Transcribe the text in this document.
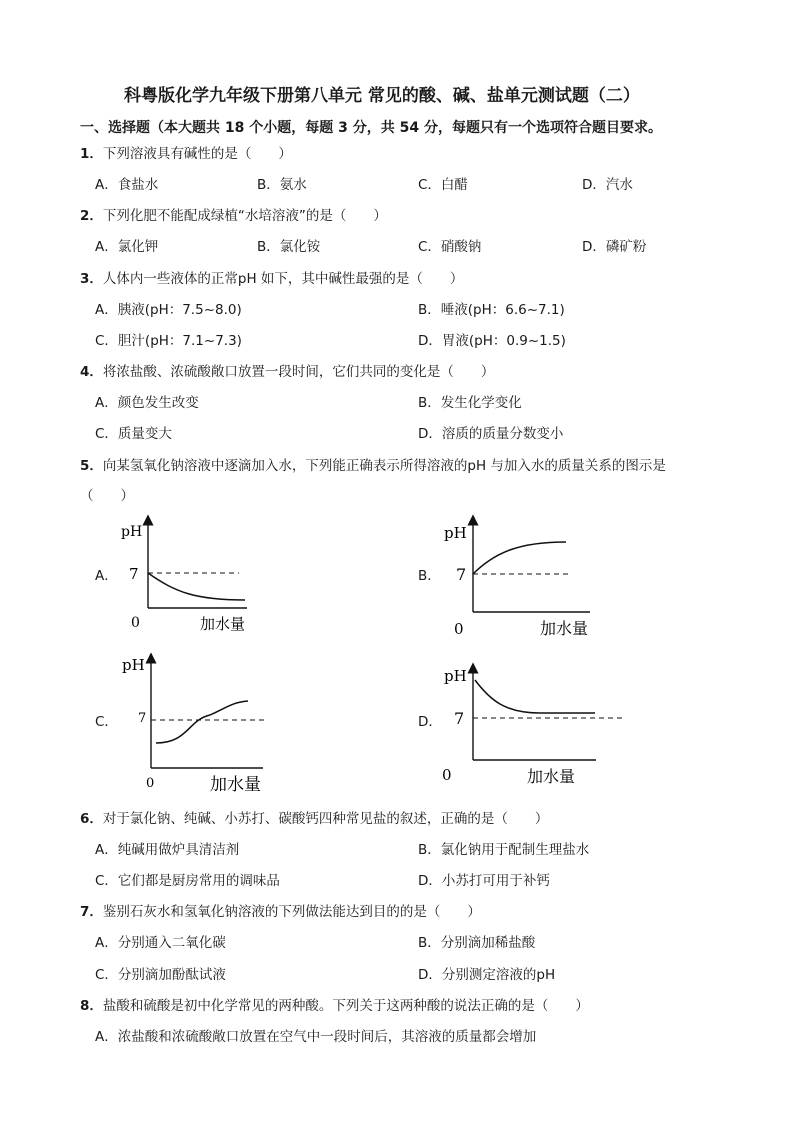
科粤版化学九年级下册第八单元 常见的酸、碱、盐单元测试题（二）
一、选择题（本大题共 18 个小题，每题 3 分，共 54 分，每题只有一个选项符合题目要求。
1．下列溶液具有碱性的是（　　）
A．食盐水	B．氨水	C．白醋	D．汽水
2．下列化肥不能配成绿植“水培溶液”的是（　　）
A．氯化钾	B．氯化铵	C．硝酸钠	D．磷矿粉
3．人体内一些液体的正常pH 如下，其中碱性最强的是（　　）
A．胰液(pH：7.5~8.0)	B．唾液(pH：6.6~7.1)
C．胆汁(pH：7.1~7.3)	D．胃液(pH：0.9~1.5)
4．将浓盐酸、浓硫酸敞口放置一段时间，它们共同的变化是（　　）
A．颜色发生改变	B．发生化学变化
C．质量变大	D．溶质的质量分数变小
5．向某氢氧化钠溶液中逐滴加入水，下列能正确表示所得溶液的pH 与加入水的质量关系的图示是
（　　）
A．	B．
C．	D．
pH
7
0	加水量
pH
7
0	加水量
pH
7
0	加水量
pH
7
0	加水量
6．对于氯化钠、纯碱、小苏打、碳酸钙四种常见盐的叙述，正确的是（　　）
A．纯碱用做炉具清洁剂	B．氯化钠用于配制生理盐水
C．它们都是厨房常用的调味品	D．小苏打可用于补钙
7．鉴别石灰水和氢氧化钠溶液的下列做法能达到目的的是（　　）
A．分别通入二氧化碳	B．分别滴加稀盐酸
C．分别滴加酚酞试液	D．分别测定溶液的pH
8．盐酸和硫酸是初中化学常见的两种酸。下列关于这两种酸的说法正确的是（　　）
A．浓盐酸和浓硫酸敞口放置在空气中一段时间后，其溶液的质量都会增加
